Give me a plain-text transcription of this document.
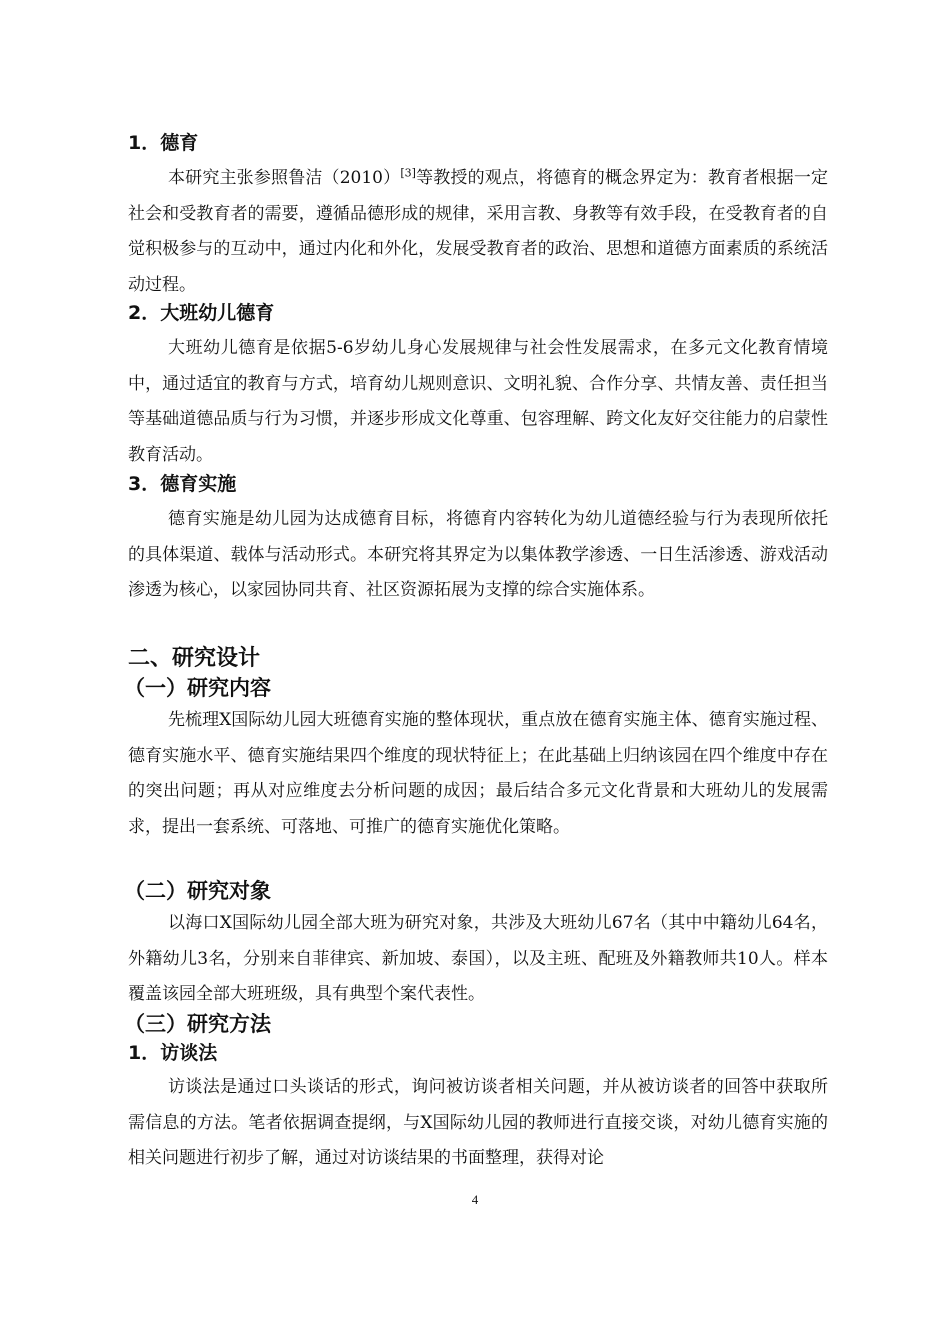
1．德育

本研究主张参照鲁洁（2010）[3]等教授的观点，将德育的概念界定为：教育者根据一定社会和受教育者的需要，遵循品德形成的规律，采用言教、身教等有效手段，在受教育者的自觉积极参与的互动中，通过内化和外化，发展受教育者的政治、思想和道德方面素质的系统活动过程。

2．大班幼儿德育

大班幼儿德育是依据5-6岁幼儿身心发展规律与社会性发展需求，在多元文化教育情境中，通过适宜的教育与方式，培育幼儿规则意识、文明礼貌、合作分享、共情友善、责任担当等基础道德品质与行为习惯，并逐步形成文化尊重、包容理解、跨文化友好交往能力的启蒙性教育活动。

3．德育实施

德育实施是幼儿园为达成德育目标，将德育内容转化为幼儿道德经验与行为表现所依托的具体渠道、载体与活动形式。本研究将其界定为以集体教学渗透、一日生活渗透、游戏活动渗透为核心，以家园协同共育、社区资源拓展为支撑的综合实施体系。

二、研究设计
（一）研究内容

先梳理X国际幼儿园大班德育实施的整体现状，重点放在德育实施主体、德育实施过程、德育实施水平、德育实施结果四个维度的现状特征上；在此基础上归纳该园在四个维度中存在的突出问题；再从对应维度去分析问题的成因；最后结合多元文化背景和大班幼儿的发展需求，提出一套系统、可落地、可推广的德育实施优化策略。

（二）研究对象

以海口X国际幼儿园全部大班为研究对象，共涉及大班幼儿67名（其中中籍幼儿64名，外籍幼儿3名，分别来自菲律宾、新加坡、泰国），以及主班、配班及外籍教师共10人。样本覆盖该园全部大班班级，具有典型个案代表性。

（三）研究方法
1．访谈法

访谈法是通过口头谈话的形式，询问被访谈者相关问题，并从被访谈者的回答中获取所需信息的方法。笔者依据调查提纲，与X国际幼儿园的教师进行直接交谈，对幼儿德育实施的相关问题进行初步了解，通过对访谈结果的书面整理，获得对论

4
